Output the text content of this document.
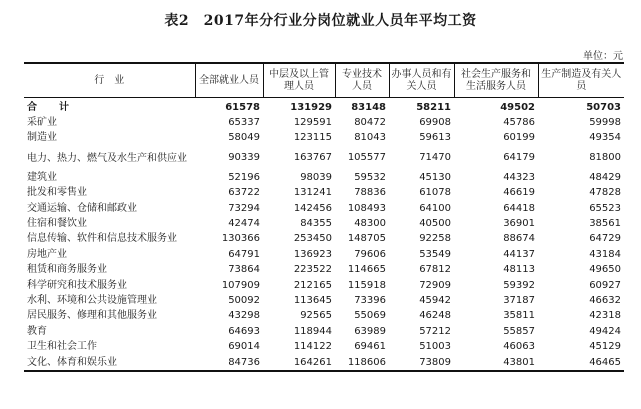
表2　2017年分行业分岗位就业人员年平均工资
单位：元
行　业	全部就业人员	中层及以上管理人员	专业技术人员	办事人员和有关人员	社会生产服务和生活服务人员	生产制造及有关人员
合　计	61578	131929	83148	58211	49502	50703
采矿业	65337	129591	80472	69908	45786	59998
制造业	58049	123115	81043	59613	60199	49354
电力、热力、燃气及水生产和供应业	90339	163767	105577	71470	64179	81800
建筑业	52196	98039	59532	45130	44323	48429
批发和零售业	63722	131241	78836	61078	46619	47828
交通运输、仓储和邮政业	73294	142456	108493	64100	64418	65523
住宿和餐饮业	42474	84355	48300	40500	36901	38561
信息传输、软件和信息技术服务业	130366	253450	148705	92258	88674	64729
房地产业	64791	136923	79606	53549	44137	43184
租赁和商务服务业	73864	223522	114665	67812	48113	49650
科学研究和技术服务业	107909	212165	115918	72909	59392	60927
水利、环境和公共设施管理业	50092	113645	73396	45942	37187	46632
居民服务、修理和其他服务业	43298	92565	55069	46248	35811	42318
教育	64693	118944	63989	57212	55857	49424
卫生和社会工作	69014	114122	69461	51003	46063	45129
文化、体育和娱乐业	84736	164261	118606	73809	43801	46465
